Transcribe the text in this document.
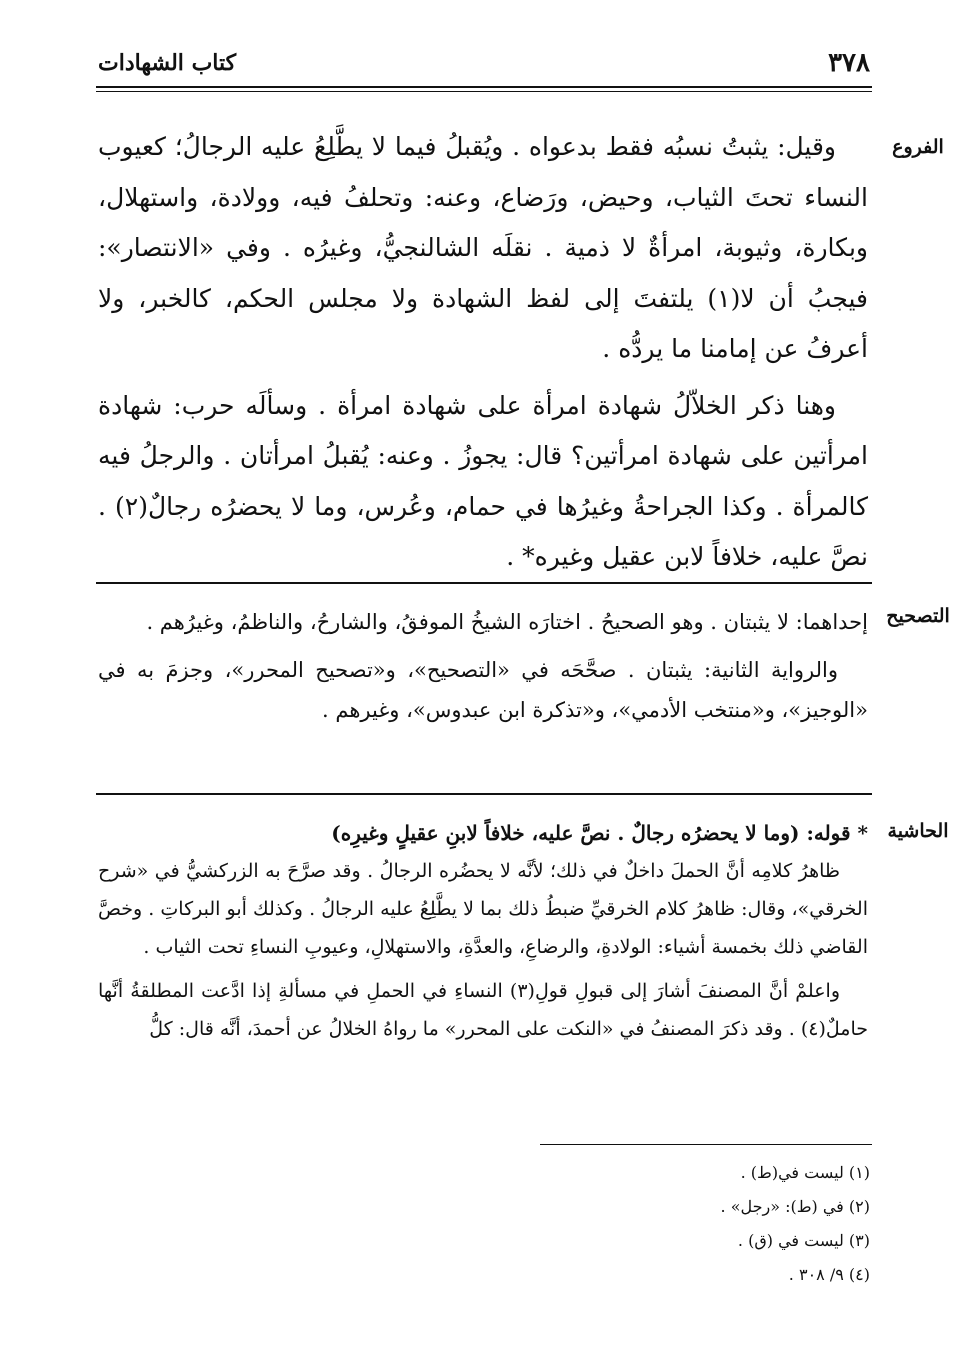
٣٧٨
كتاب الشهادات
الفروع
التصحيح
الحاشية

وقيل: يثبتُ نسبُه فقط بدعواه . ويُقبلُ فيما لا يطَّلِعُ عليه الرجالُ؛ كعيوب النساء تحتَ الثياب، وحيض، ورَضاع، وعنه: وتحلفُ فيه، وولادة، واستهلال، وبكارة، وثيوبة، امرأةٌ لا ذمية . نقلَه الشالنجيُّ، وغيرُه . وفي «الانتصار»: فيجبُ أن لا(١) يلتفتَ إلى لفظ الشهادة ولا مجلس الحكم، كالخبر، ولا أعرفُ عن إمامنا ما يردُّه .

وهنا ذكر الخلاّلُ شهادة امرأة على شهادة امرأة . وسألَه حرب: شهادة امرأتين على شهادة امرأتين؟ قال: يجوزُ . وعنه: يُقبلُ امرأتان . والرجلُ فيه كالمرأة . وكذا الجراحةُ وغيرُها في حمام، وعُرس، وما لا يحضرُه رجالٌ(٢) . نصَّ عليه، خلافاً لابن عقيل وغيره* .

إحداهما: لا يثبتان . وهو الصحيحُ . اختارَه الشيخُ الموفقُ، والشارحُ، والناظمُ، وغيرُهم .

والرواية الثانية: يثبتان . صحَّحَه في «التصحيح»، و«تصحيح المحرر»، وجزمَ به في «الوجيز»، و«منتخب الأدمي»، و«تذكرة ابن عبدوس»، وغيرهم .

* قوله: (وما لا يحضرُه رجالٌ . نصَّ عليه، خلافاً لابنِ عقيلٍ وغيرِه)

ظاهرُ كلامِه أنَّ الحملَ داخلٌ في ذلك؛ لأنَّه لا يحضُره الرجالُ . وقد صرَّحَ به الزركشيُّ في «شرح الخرقي»، وقال: ظاهرُ كلام الخرقيِّ ضبطُ ذلك بما لا يطَّلِعُ عليه الرجالُ . وكذلك أبو البركاتِ . وخصَّ القاضي ذلك بخمسة أشياء: الولادةِ، والرضاعِ، والعدَّةِ، والاستهلالِ، وعيوبِ النساءِ تحت الثياب .

واعلمْ أنَّ المصنفَ أشارَ إلى قبولِ قولِ(٣) النساءِ في الحملِ في مسألةِ إذا ادَّعت المطلقةُ أنَّها حاملٌ(٤) . وقد ذكرَ المصنفُ في «النكت على المحرر» ما رواهُ الخلالُ عن أحمدَ، أنَّه قال: كلُّ

(١) ليست في(ط) .

(٢) في (ط): «رجل» .

(٣) ليست في (ق) .

(٤) ٩/ ٣٠٨ .
